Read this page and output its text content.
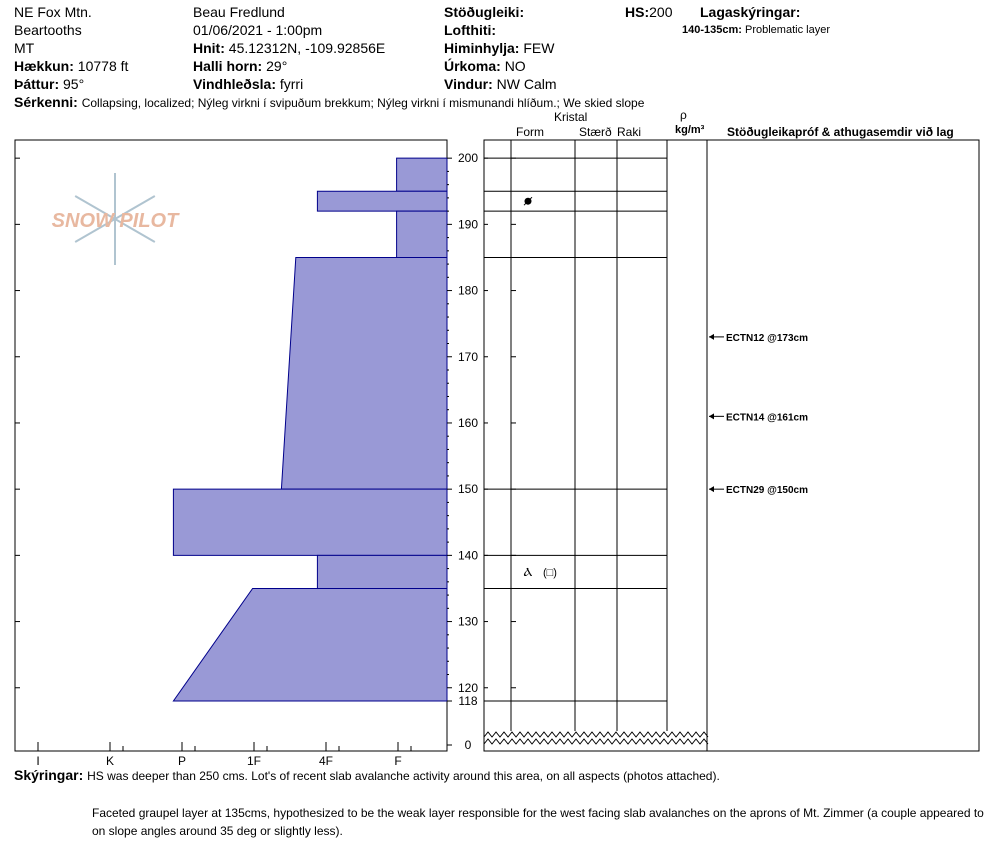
NE Fox Mtn.
Beartooths
MT
Hækkun: 10778 ft
Þáttur: 95°
Beau Fredlund
01/06/2021 - 1:00pm
Hnit: 45.12312N, -109.92856E
Halli horn: 29°
Vindhleðsla: fyrri
Stöðugleiki:
Lofthiti:
Himinhylja: FEW
Úrkoma: NO
Vindur: NW Calm
HS:200 Lagaskýringar:
140-135cm: Problematic layer
Sérkenni: Collapsing, localized; Nýleg virkni í svipuðum brekkum; Nýleg virkni í mismunandi hlíðum.; We skied slope
Kristal
Form	Stærð Raki
ρ
kg/m³ Stöðugleikapróf & athugasemdir við lag
Skýringar: HS was deeper than 250 cms. Lot's of recent slab avalanche activity around this area, on all aspects (photos attached).
Faceted graupel layer at 135cms, hypothesized to be the weak layer responsible for the west facing slab avalanches on the aprons of Mt. Zimmer (a couple appeared to
on slope angles around 35 deg or slightly less).
SNOW PILOT
I	K	P	1F	4F	F
200
190
180
170
160
150
140
130
120
118
0
Ⲁ (□)
ECTN12 @173cm
ECTN14 @161cm
ECTN29 @150cm
